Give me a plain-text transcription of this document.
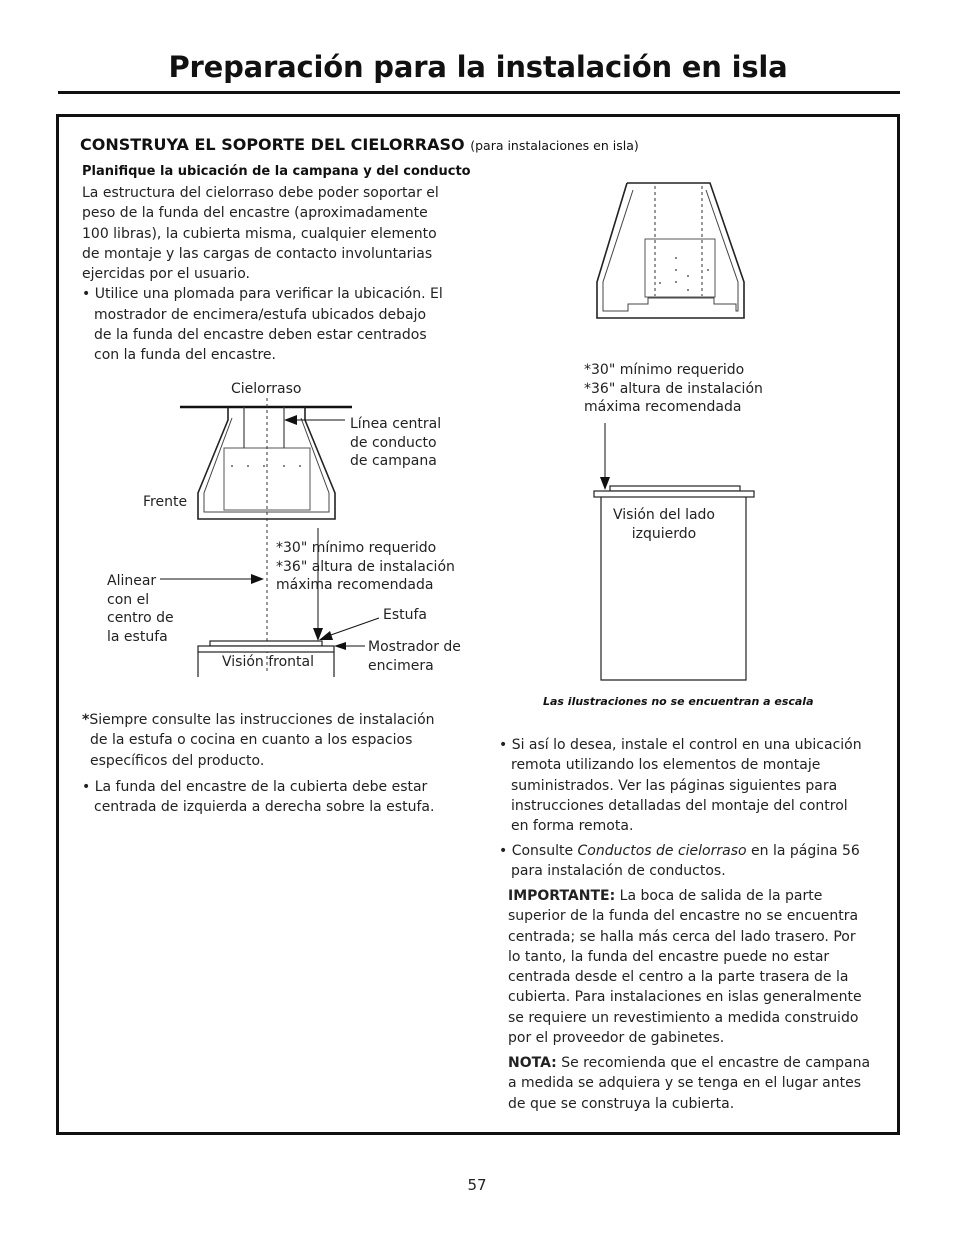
Preparación para la instalación en isla
CONSTRUYA EL SOPORTE DEL CIELORRASO (para instalaciones en isla)
Planifique la ubicación de la campana y del conducto

La estructura del cielorraso debe poder soportar el

peso de la funda del encastre (aproximadamente

100 libras), la cubierta misma, cualquier elemento

de montaje y las cargas de contacto involuntarias

ejercidas por el usuario.

• Utilice una plomada para verificar la ubicación. El

mostrador de encimera/estufa ubicados debajo

de la funda del encastre deben estar centrados

con la funda del encastre.

Cielorraso

Línea central

de conducto

de campana

Frente

*30" mínimo requerido

*36" altura de instalación

máxima recomendada

Alinear

con el

centro de

la estufa

Estufa

Mostrador de

encimera

Visión frontal

*Siempre consulte las instrucciones de instalación

de la estufa o cocina en cuanto a los espacios

específicos del producto.

• La funda del encastre de la cubierta debe estar

centrada de izquierda a derecha sobre la estufa.

*30" mínimo requerido

*36" altura de instalación

máxima recomendada

Visión del lado

izquierdo

Las ilustraciones no se encuentran a escala

• Si así lo desea, instale el control en una ubicación

remota utilizando los elementos de montaje

suministrados. Ver las páginas siguientes para

instrucciones detalladas del montaje del control

en forma remota.

• Consulte Conductos de cielorraso en la página 56

para instalación de conductos.

IMPORTANTE: La boca de salida de la parte

superior de la funda del encastre no se encuentra

centrada; se halla más cerca del lado trasero. Por

lo tanto, la funda del encastre puede no estar

centrada desde el centro a la parte trasera de la

cubierta. Para instalaciones en islas generalmente

se requiere un revestimiento a medida construido

por el proveedor de gabinetes.

NOTA: Se recomienda que el encastre de campana

a medida se adquiera y se tenga en el lugar antes

de que se construya la cubierta.

57
